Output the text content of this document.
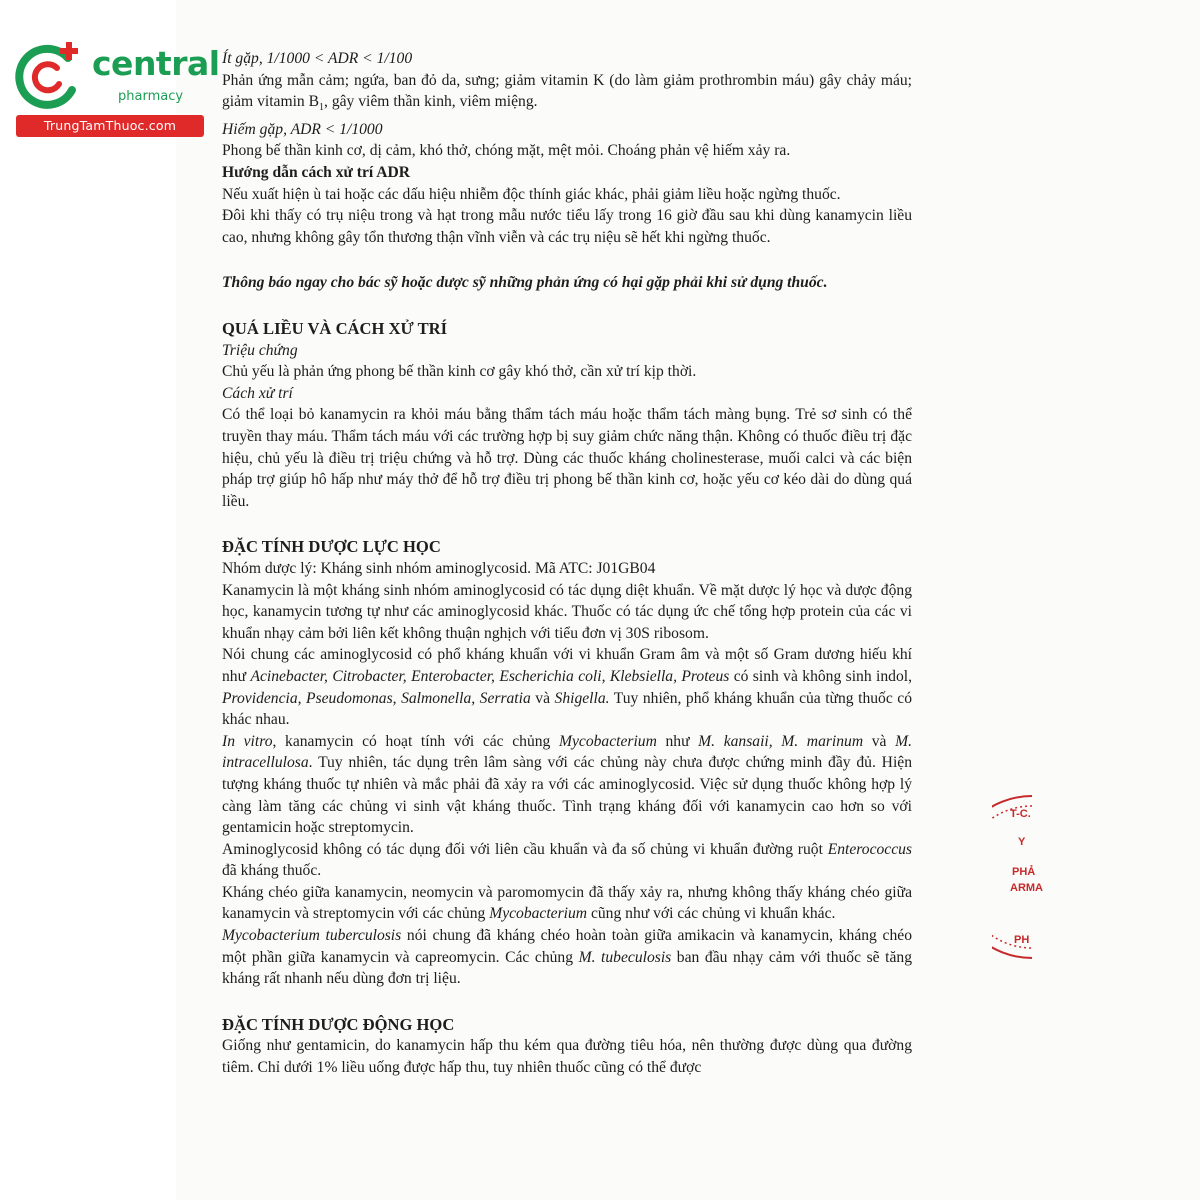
central
pharmacy
TrungTamThuoc.com

Ít gặp, 1/1000 < ADR < 1/100

Phản ứng mẫn cảm; ngứa, ban đỏ da, sưng; giảm vitamin K (do làm giảm prothrombin máu) gây chảy máu; giảm vitamin $B_1$, gây viêm thần kinh, viêm miệng.

Hiếm gặp, ADR < 1/1000

Phong bế thần kinh cơ, dị cảm, khó thở, chóng mặt, mệt mỏi. Choáng phản vệ hiếm xảy ra.

Hướng dẫn cách xử trí ADR

Nếu xuất hiện ù tai hoặc các dấu hiệu nhiễm độc thính giác khác, phải giảm liều hoặc ngừng thuốc.

Đôi khi thấy có trụ niệu trong và hạt trong mẫu nước tiểu lấy trong 16 giờ đầu sau khi dùng kanamycin liều cao, nhưng không gây tổn thương thận vĩnh viễn và các trụ niệu sẽ hết khi ngừng thuốc.

Thông báo ngay cho bác sỹ hoặc dược sỹ những phản ứng có hại gặp phải khi sử dụng thuốc.

QUÁ LIỀU VÀ CÁCH XỬ TRÍ

Triệu chứng

Chủ yếu là phản ứng phong bế thần kinh cơ gây khó thở, cần xử trí kịp thời.

Cách xử trí

Có thể loại bỏ kanamycin ra khỏi máu bằng thẩm tách máu hoặc thẩm tách màng bụng. Trẻ sơ sinh có thể truyền thay máu. Thẩm tách máu với các trường hợp bị suy giảm chức năng thận. Không có thuốc điều trị đặc hiệu, chủ yếu là điều trị triệu chứng và hỗ trợ. Dùng các thuốc kháng cholinesterase, muối calci và các biện pháp trợ giúp hô hấp như máy thở để hỗ trợ điều trị phong bế thần kinh cơ, hoặc yếu cơ kéo dài do dùng quá liều.

ĐẶC TÍNH DƯỢC LỰC HỌC

Nhóm dược lý: Kháng sinh nhóm aminoglycosid. Mã ATC: J01GB04

Kanamycin là một kháng sinh nhóm aminoglycosid có tác dụng diệt khuẩn. Về mặt dược lý học và dược động học, kanamycin tương tự như các aminoglycosid khác. Thuốc có tác dụng ức chế tổng hợp protein của các vi khuẩn nhạy cảm bởi liên kết không thuận nghịch với tiểu đơn vị 30S ribosom.

Nói chung các aminoglycosid có phổ kháng khuẩn với vi khuẩn Gram âm và một số Gram dương hiếu khí như Acinebacter, Citrobacter, Enterobacter, Escherichia coli, Klebsiella, Proteus có sinh và không sinh indol, Providencia, Pseudomonas, Salmonella, Serratia và Shigella. Tuy nhiên, phổ kháng khuẩn của từng thuốc có khác nhau.

In vitro, kanamycin có hoạt tính với các chủng Mycobacterium như M. kansaii, M. marinum và M. intracellulosa. Tuy nhiên, tác dụng trên lâm sàng với các chủng này chưa được chứng minh đầy đủ. Hiện tượng kháng thuốc tự nhiên và mắc phải đã xảy ra với các aminoglycosid. Việc sử dụng thuốc không hợp lý càng làm tăng các chủng vi sinh vật kháng thuốc. Tình trạng kháng đối với kanamycin cao hơn so với gentamicin hoặc streptomycin.

Aminoglycosid không có tác dụng đối với liên cầu khuẩn và đa số chủng vi khuẩn đường ruột Enterococcus đã kháng thuốc.

Kháng chéo giữa kanamycin, neomycin và paromomycin đã thấy xảy ra, nhưng không thấy kháng chéo giữa kanamycin và streptomycin với các chủng Mycobacterium cũng như với các chủng vi khuẩn khác.

Mycobacterium tuberculosis nói chung đã kháng chéo hoàn toàn giữa amikacin và kanamycin, kháng chéo một phần giữa kanamycin và capreomycin. Các chủng M. tubeculosis ban đầu nhạy cảm với thuốc sẽ tăng kháng rất nhanh nếu dùng đơn trị liệu.

ĐẶC TÍNH DƯỢC ĐỘNG HỌC

Giống như gentamicin, do kanamycin hấp thu kém qua đường tiêu hóa, nên thường được dùng qua đường tiêm. Chỉ dưới 1% liều uống được hấp thu, tuy nhiên thuốc cũng có thể được

T-C.
Y
PHẢ
ARMA
PH
